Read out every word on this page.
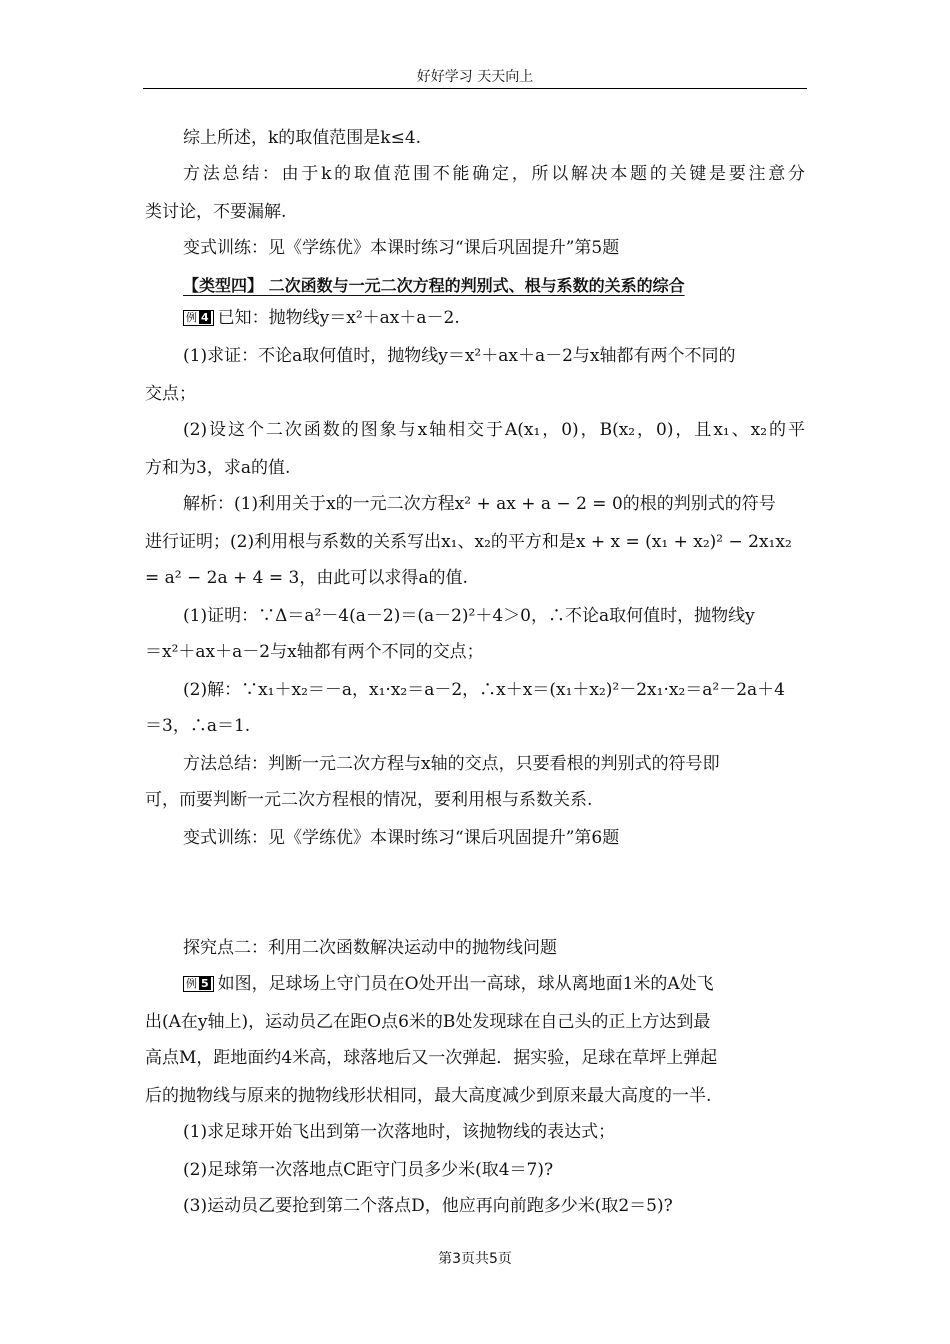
好好学习 天天向上
综上所述，k的取值范围是k≤4.
方法总结：由于k的取值范围不能确定，所以解决本题的关键是要注意分
类讨论，不要漏解.
变式训练：见《学练优》本课时练习“课后巩固提升”第5题
【类型四】 二次函数与一元二次方程的判别式、根与系数的关系的综合
例 4 已知：抛物线y＝x²＋ax＋a－2.
(1)求证：不论a取何值时，抛物线y＝x²＋ax＋a－2与x轴都有两个不同的
交点；
(2)设这个二次函数的图象与x轴相交于A(x₁，0)，B(x₂，0)，且x₁、x₂的平
方和为3，求a的值.
解析：(1)利用关于x的一元二次方程x² + ax + a − 2 = 0的根的判别式的符号
进行证明；(2)利用根与系数的关系写出x₁、x₂的平方和是x + x = (x₁ + x₂)² − 2x₁x₂
= a² − 2a + 4 = 3，由此可以求得a的值.
(1)证明：∵Δ＝a²－4(a－2)＝(a－2)²＋4＞0，∴不论a取何值时，抛物线y
＝x²＋ax＋a－2与x轴都有两个不同的交点；
(2)解：∵x₁＋x₂＝－a，x₁·x₂＝a－2，∴x＋x＝(x₁＋x₂)²－2x₁·x₂＝a²－2a＋4
＝3，∴a＝1.
方法总结：判断一元二次方程与x轴的交点，只要看根的判别式的符号即
可，而要判断一元二次方程根的情况，要利用根与系数关系.
变式训练：见《学练优》本课时练习“课后巩固提升”第6题
探究点二：利用二次函数解决运动中的抛物线问题
例 5 如图，足球场上守门员在O处开出一高球，球从离地面1米的A处飞
出(A在y轴上)，运动员乙在距O点6米的B处发现球在自己头的正上方达到最
高点M，距地面约4米高，球落地后又一次弹起．据实验，足球在草坪上弹起
后的抛物线与原来的抛物线形状相同，最大高度减少到原来最大高度的一半.
(1)求足球开始飞出到第一次落地时，该抛物线的表达式；
(2)足球第一次落地点C距守门员多少米(取4＝7)?
(3)运动员乙要抢到第二个落点D，他应再向前跑多少米(取2＝5)?
第3页共5页
